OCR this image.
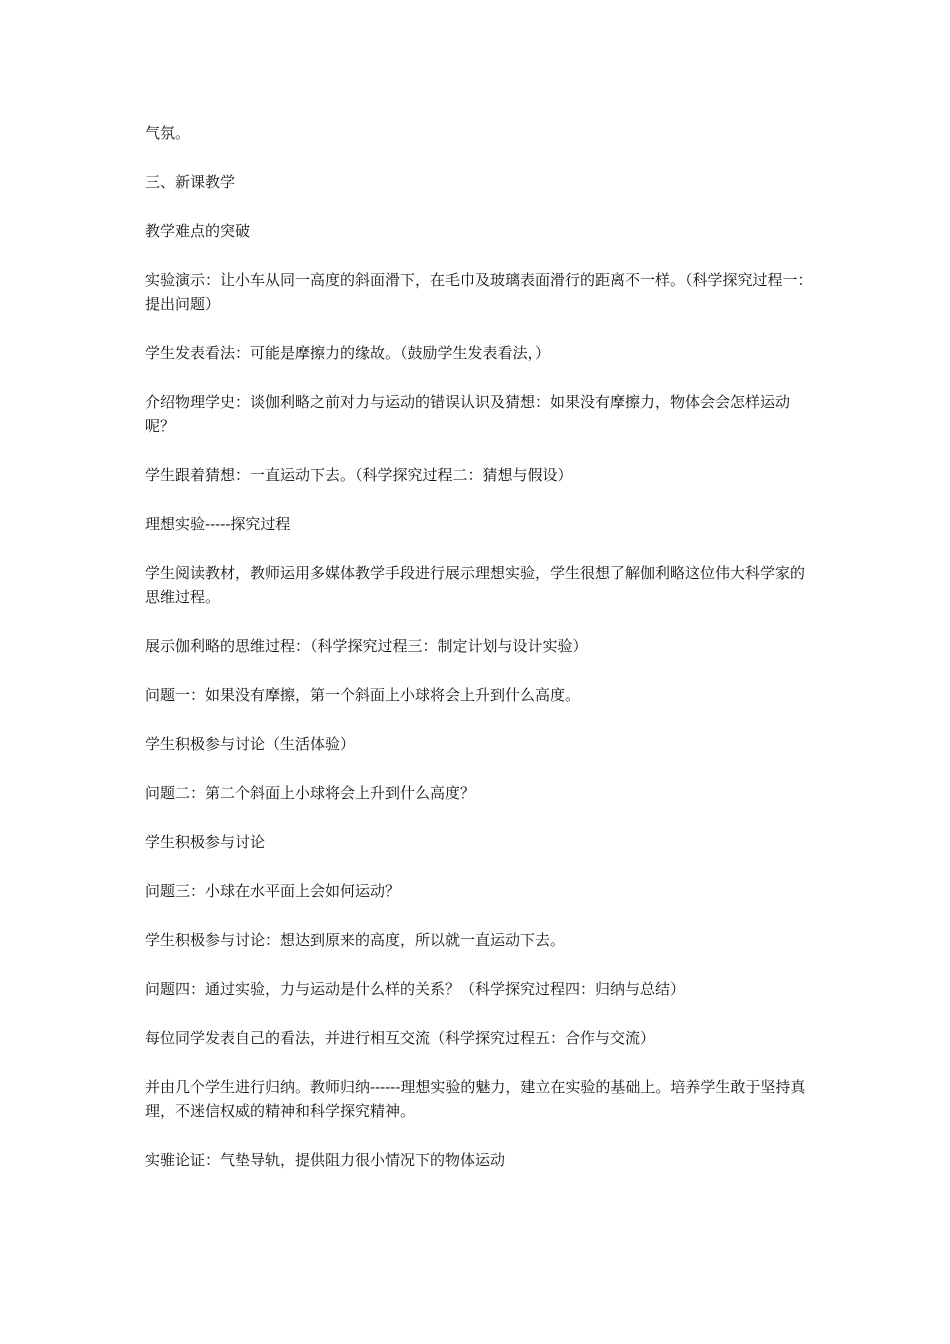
气氛。

三、新课教学

教学难点的突破

实验演示：让小车从同一高度的斜面滑下，在毛巾及玻璃表面滑行的距离不一样。（科学探究过程一：提出问题）

学生发表看法：可能是摩擦力的缘故。（鼓励学生发表看法，）

介绍物理学史：谈伽利略之前对力与运动的错误认识及猜想：如果没有摩擦力，物体会会怎样运动呢？

学生跟着猜想：一直运动下去。（科学探究过程二：猜想与假设）

理想实验-----探究过程

学生阅读教材，教师运用多媒体教学手段进行展示理想实验，学生很想了解伽利略这位伟大科学家的思维过程。

展示伽利略的思维过程：（科学探究过程三：制定计划与设计实验）

问题一：如果没有摩擦，第一个斜面上小球将会上升到什么高度。

学生积极参与讨论（生活体验）

问题二：第二个斜面上小球将会上升到什么高度？

学生积极参与讨论

问题三：小球在水平面上会如何运动？

学生积极参与讨论：想达到原来的高度，所以就一直运动下去。

问题四：通过实验，力与运动是什么样的关系？（科学探究过程四：归纳与总结）

每位同学发表自己的看法，并进行相互交流（科学探究过程五：合作与交流）

并由几个学生进行归纳。教师归纳------理想实验的魅力，建立在实验的基础上。培养学生敢于坚持真理，不迷信权威的精神和科学探究精神。

实骓论证：气垫导轨，提供阻力很小情况下的物体运动
